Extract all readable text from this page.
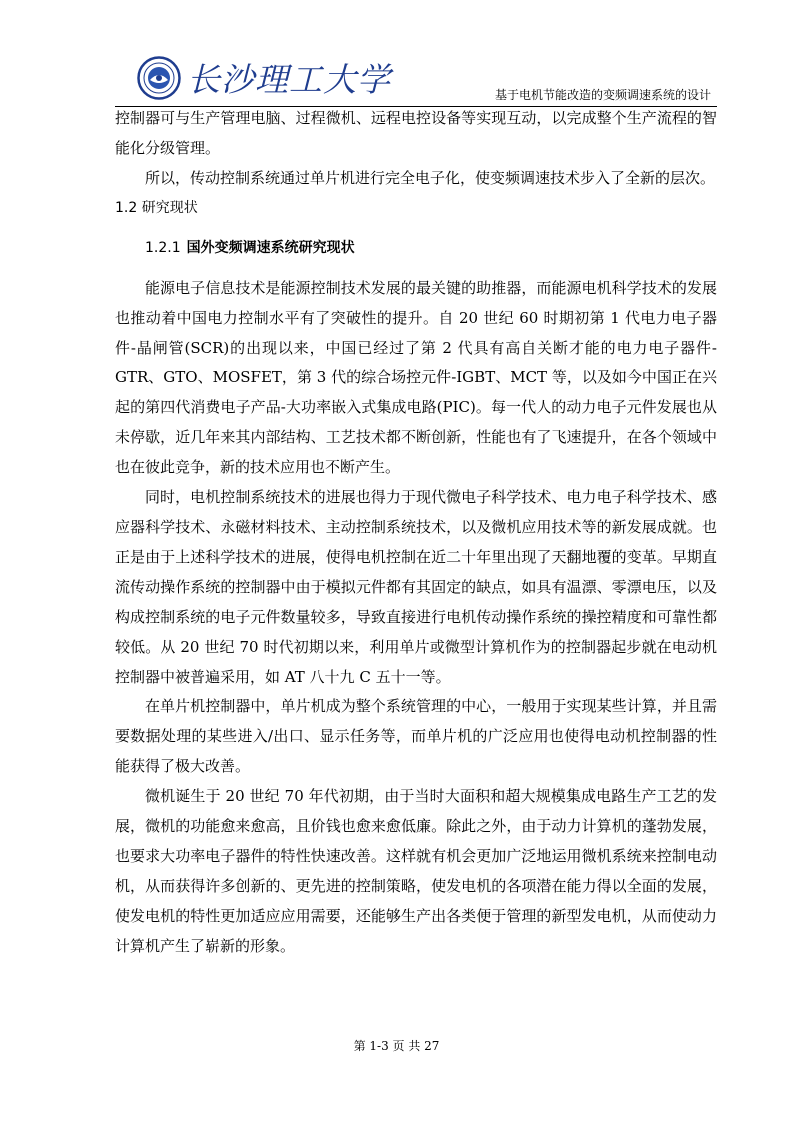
长沙理工大学	基于电机节能改造的变频调速系统的设计

控制器可与生产管理电脑、过程微机、远程电控设备等实现互动，以完成整个生产流程的智能化分级管理。

所以，传动控制系统通过单片机进行完全电子化，使变频调速技术步入了全新的层次。

1.2 研究现状

1.2.1 国外变频调速系统研究现状

能源电子信息技术是能源控制技术发展的最关键的助推器，而能源电机科学技术的发展也推动着中国电力控制水平有了突破性的提升。自 20 世纪 60 时期初第 1 代电力电子器件-晶闸管(SCR)的出现以来，中国已经过了第 2 代具有高自关断才能的电力电子器件-GTR、GTO、MOSFET，第 3 代的综合场控元件-IGBT、MCT 等，以及如今中国正在兴起的第四代消费电子产品-大功率嵌入式集成电路(PIC)。每一代人的动力电子元件发展也从未停歇，近几年来其内部结构、工艺技术都不断创新，性能也有了飞速提升，在各个领域中也在彼此竞争，新的技术应用也不断产生。

同时，电机控制系统技术的进展也得力于现代微电子科学技术、电力电子科学技术、感应器科学技术、永磁材料技术、主动控制系统技术，以及微机应用技术等的新发展成就。也正是由于上述科学技术的进展，使得电机控制在近二十年里出现了天翻地覆的变革。早期直流传动操作系统的控制器中由于模拟元件都有其固定的缺点，如具有温漂、零漂电压，以及构成控制系统的电子元件数量较多，导致直接进行电机传动操作系统的操控精度和可靠性都较低。从 20 世纪 70 时代初期以来，利用单片或微型计算机作为的控制器起步就在电动机控制器中被普遍采用，如 AT 八十九 C 五十一等。

在单片机控制器中，单片机成为整个系统管理的中心，一般用于实现某些计算，并且需要数据处理的某些进入/出口、显示任务等，而单片机的广泛应用也使得电动机控制器的性能获得了极大改善。

微机诞生于 20 世纪 70 年代初期，由于当时大面积和超大规模集成电路生产工艺的发展，微机的功能愈来愈高，且价钱也愈来愈低廉。除此之外，由于动力计算机的蓬勃发展，也要求大功率电子器件的特性快速改善。这样就有机会更加广泛地运用微机系统来控制电动机，从而获得许多创新的、更先进的控制策略，使发电机的各项潜在能力得以全面的发展，使发电机的特性更加适应应用需要，还能够生产出各类便于管理的新型发电机，从而使动力计算机产生了崭新的形象。

第 1-3 页 共 27
